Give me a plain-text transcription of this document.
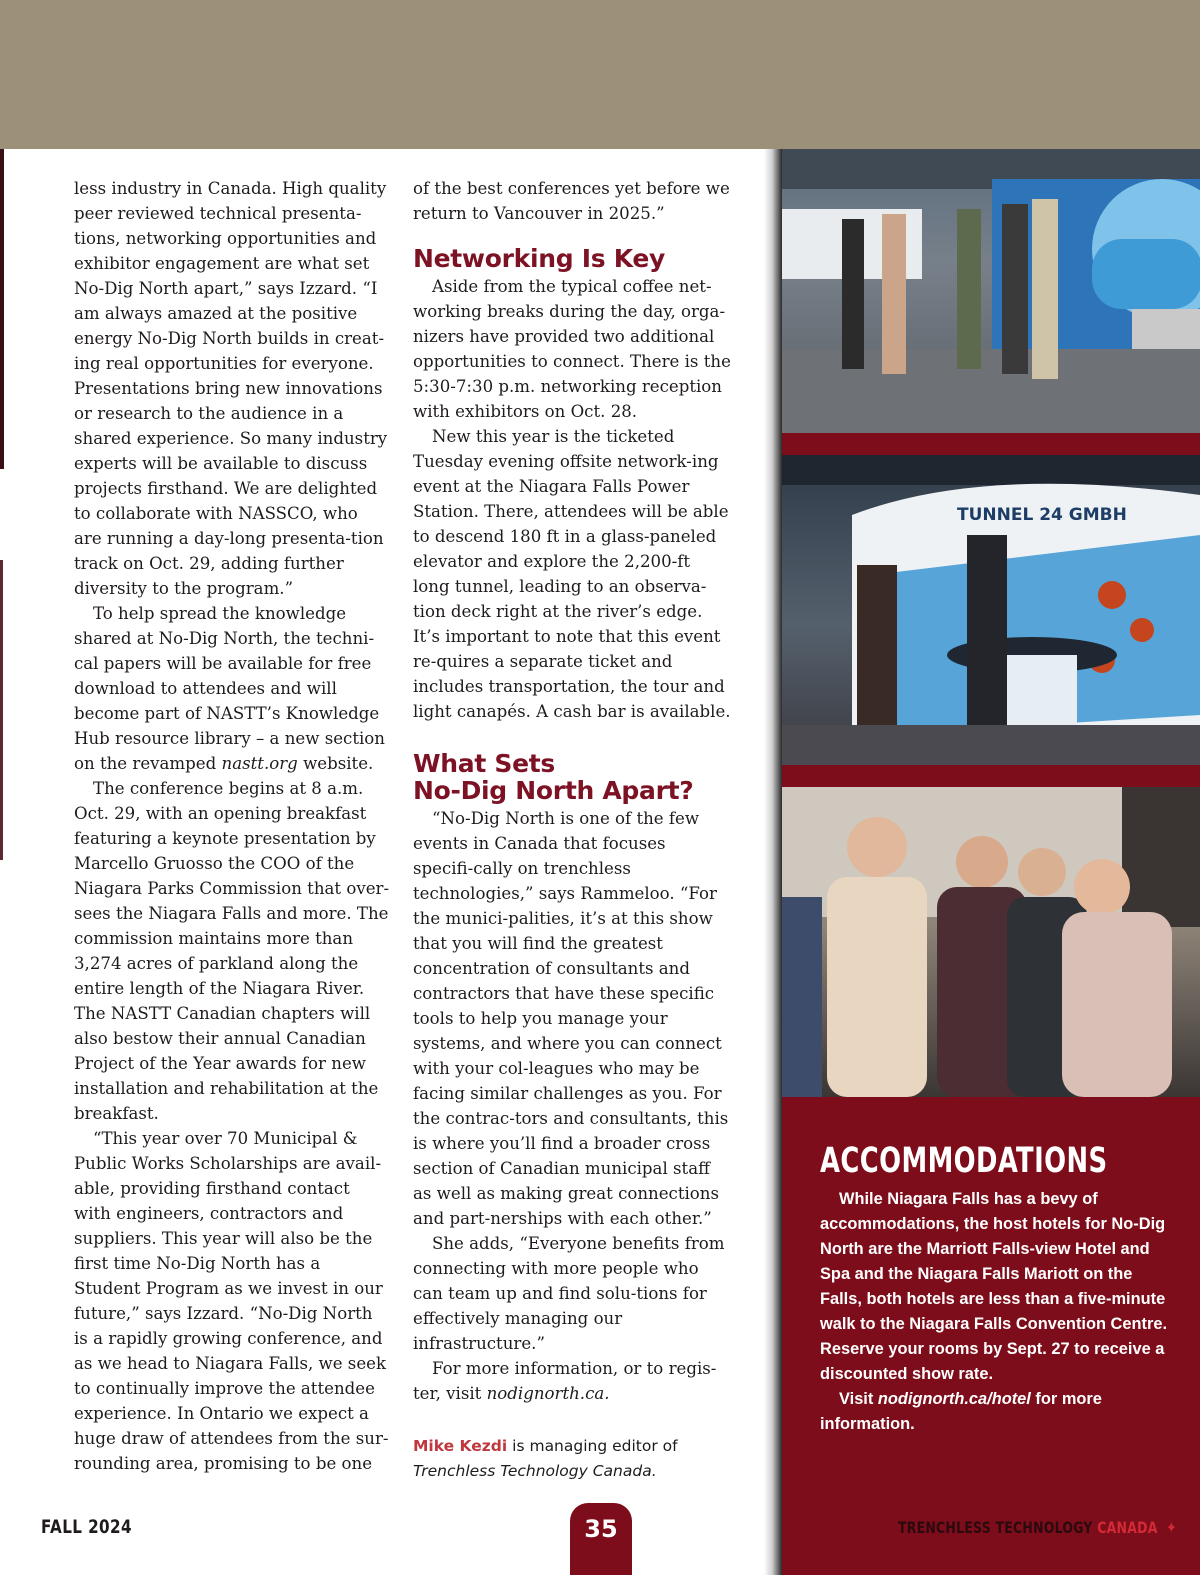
less industry in Canada. High quality peer reviewed technical presenta-tions, networking opportunities and exhibitor engagement are what set No-Dig North apart,” says Izzard. “I am always amazed at the positive energy No-Dig North builds in creat-ing real opportunities for everyone. Presentations bring new innovations or research to the audience in a shared experience. So many industry experts will be available to discuss projects firsthand. We are delighted to collaborate with NASSCO, who are running a day-long presenta-tion track on Oct. 29, adding further diversity to the program.”

To help spread the knowledge shared at No-Dig North, the techni-cal papers will be available for free download to attendees and will become part of NASTT’s Knowledge Hub resource library – a new section on the revamped nastt.org website.

The conference begins at 8 a.m. Oct. 29, with an opening breakfast featuring a keynote presentation by Marcello Gruosso the COO of the Niagara Parks Commission that over-sees the Niagara Falls and more. The commission maintains more than 3,274 acres of parkland along the entire length of the Niagara River. The NASTT Canadian chapters will also bestow their annual Canadian Project of the Year awards for new installation and rehabilitation at the breakfast.

“This year over 70 Municipal & Public Works Scholarships are avail-able, providing firsthand contact with engineers, contractors and suppliers. This year will also be the first time No-Dig North has a Student Program as we invest in our future,” says Izzard. “No-Dig North is a rapidly growing conference, and as we head to Niagara Falls, we seek to continually improve the attendee experience. In Ontario we expect a huge draw of attendees from the sur-rounding area, promising to be one

of the best conferences yet before we return to Vancouver in 2025.”

Networking Is Key

Aside from the typical coffee net-working breaks during the day, orga-nizers have provided two additional opportunities to connect. There is the 5:30-7:30 p.m. networking reception with exhibitors on Oct. 28.

New this year is the ticketed Tuesday evening offsite network-ing event at the Niagara Falls Power Station. There, attendees will be able to descend 180 ft in a glass-paneled elevator and explore the 2,200-ft long tunnel, leading to an observa-tion deck right at the river’s edge. It’s important to note that this event re-quires a separate ticket and includes transportation, the tour and light canapés. A cash bar is available.

What Sets
No-Dig North Apart?

“No-Dig North is one of the few events in Canada that focuses specifi-cally on trenchless technologies,” says Rammeloo. “For the munici-palities, it’s at this show that you will find the greatest concentration of consultants and contractors that have these specific tools to help you manage your systems, and where you can connect with your col-leagues who may be facing similar challenges as you. For the contrac-tors and consultants, this is where you’ll find a broader cross section of Canadian municipal staff as well as making great connections and part-nerships with each other.”

She adds, “Everyone benefits from connecting with more people who can team up and find solu-tions for effectively managing our infrastructure.”

For more information, or to regis-ter, visit nodignorth.ca.

Mike Kezdi is managing editor of
Trenchless Technology Canada.

TUNNEL 24 GMBH
ACCOMMODATIONS

While Niagara Falls has a bevy of accommodations, the host hotels for No-Dig North are the Marriott Falls-view Hotel and Spa and the Niagara Falls Mariott on the Falls, both hotels are less than a five-minute walk to the Niagara Falls Convention Centre. Reserve your rooms by Sept. 27 to receive a discounted show rate.

Visit nodignorth.ca/hotel for more information.

FALL 2024	35	TRENCHLESS TECHNOLOGY CANADA ✦
